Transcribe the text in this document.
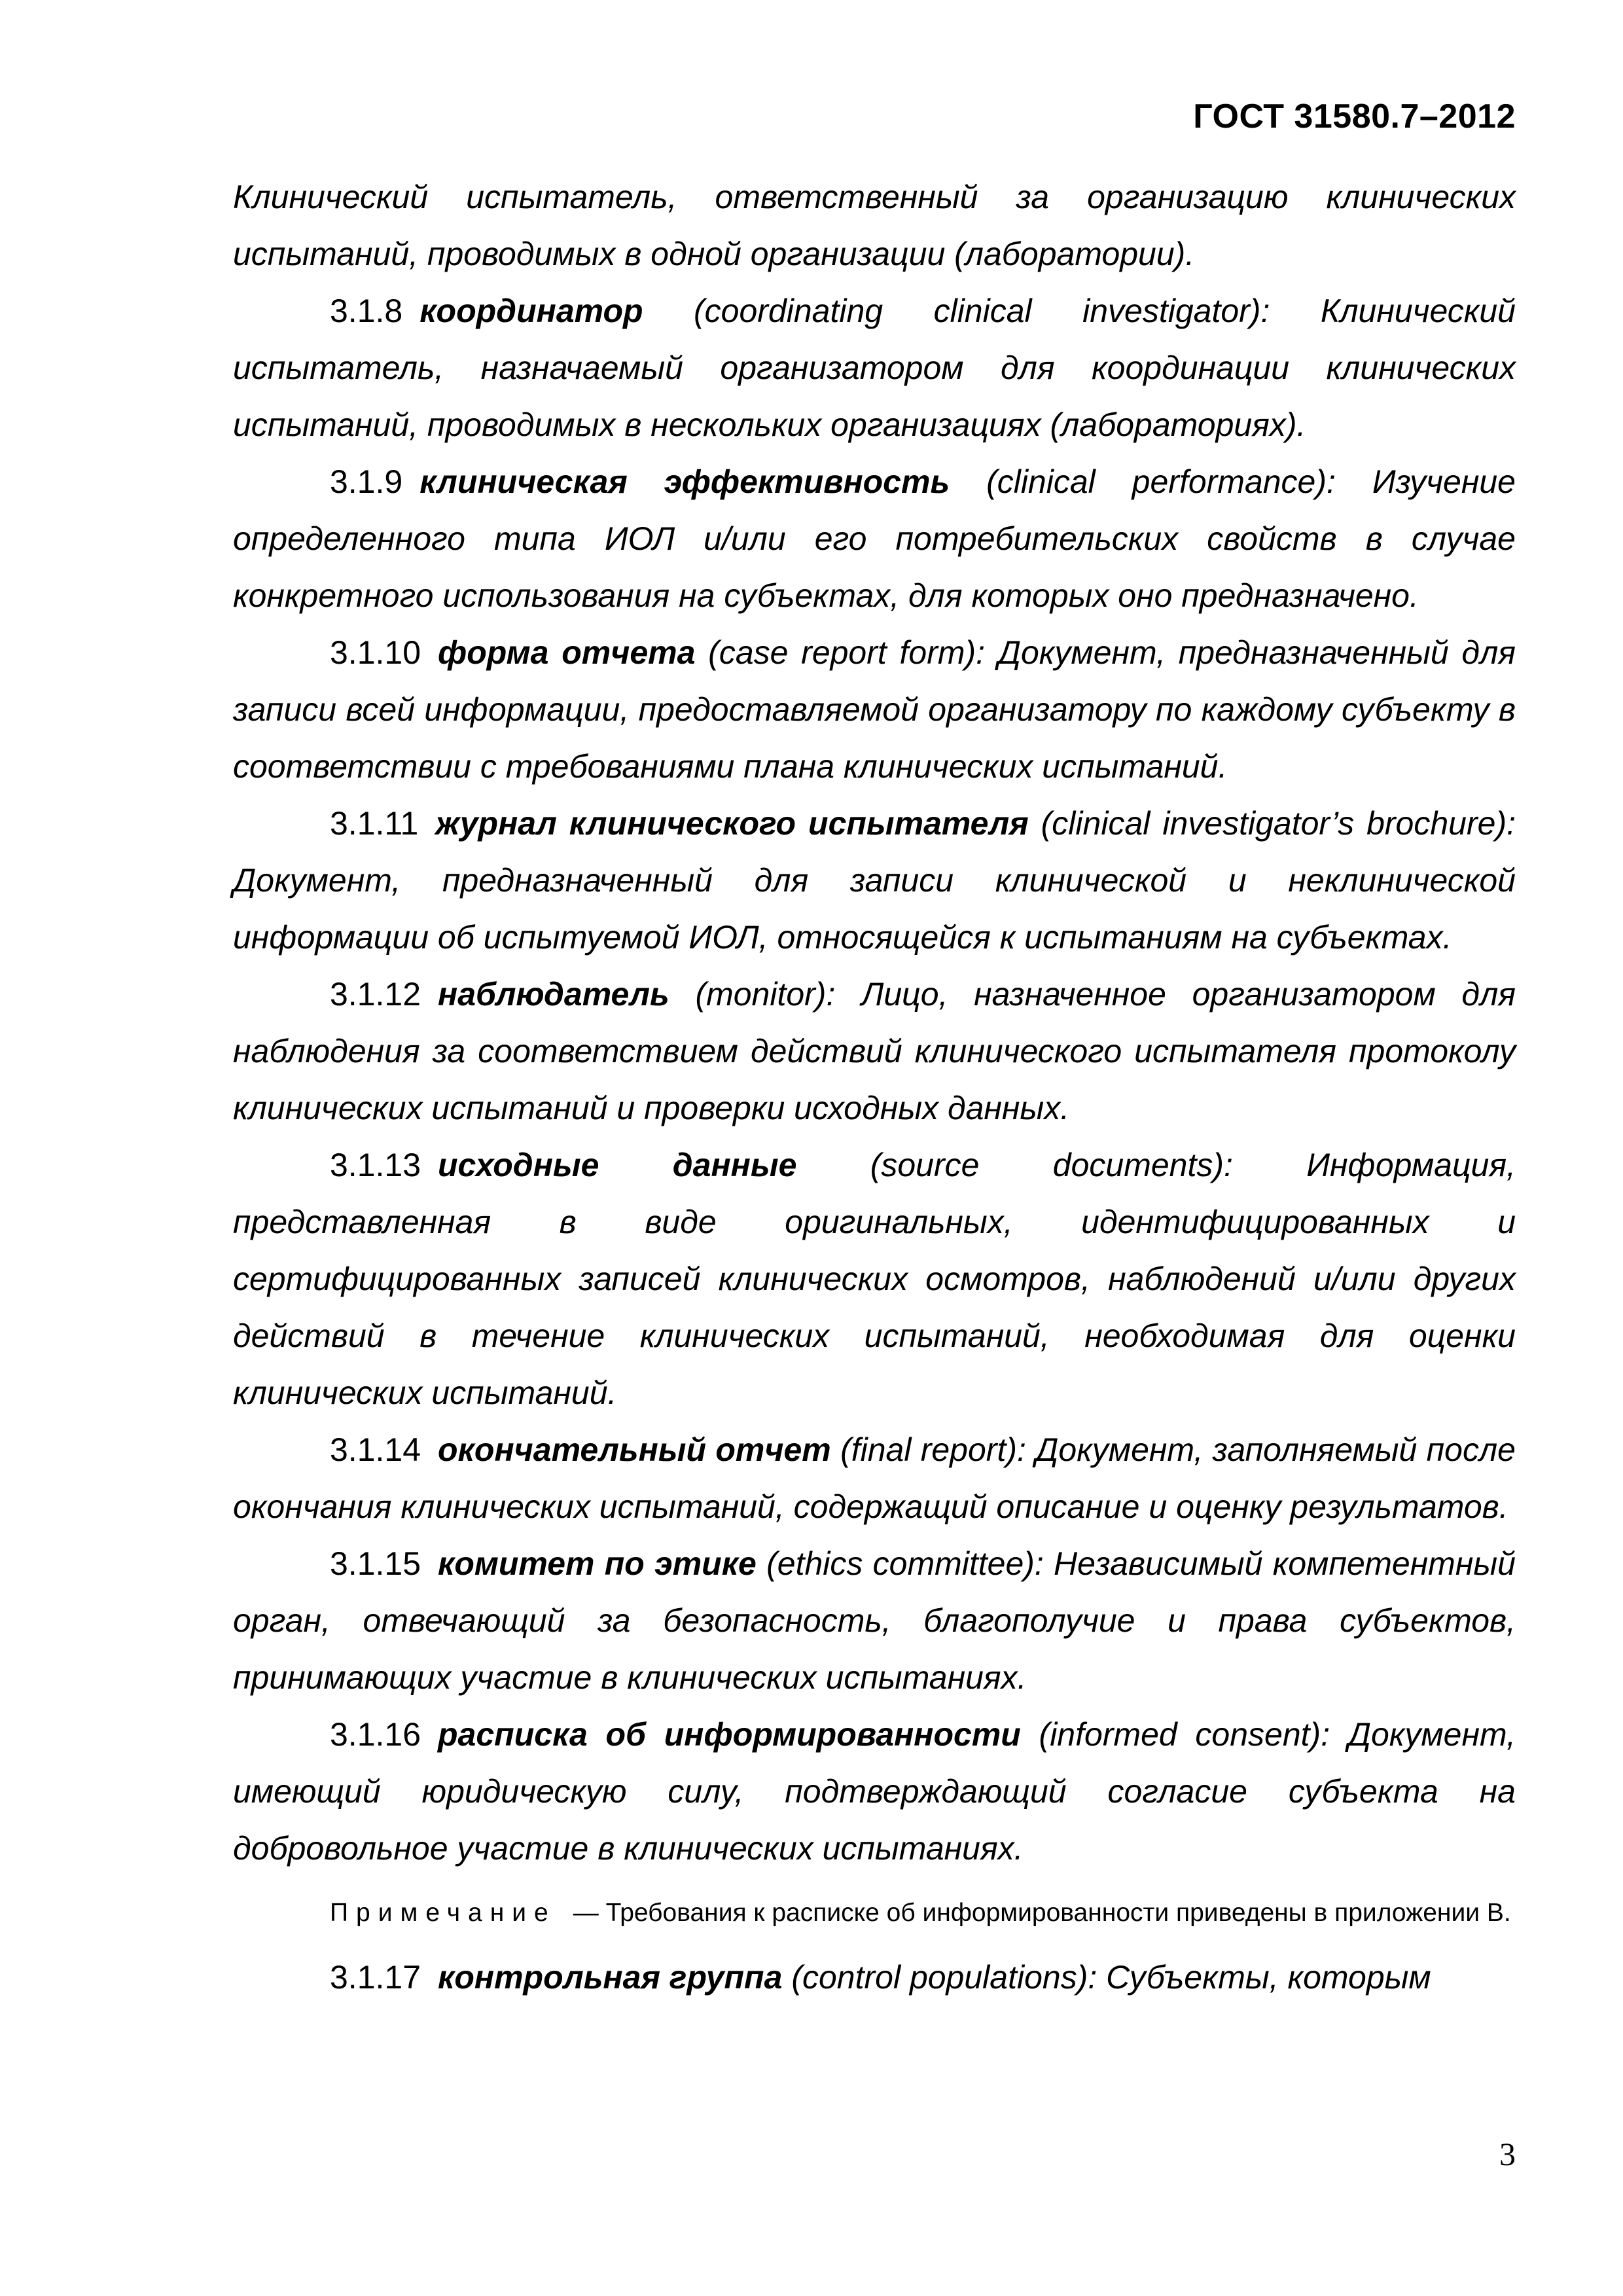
ГОСТ 31580.7–2012

Клинический испытатель, ответственный за организацию клинических испытаний, проводимых в одной организации (лаборатории).

3.1.8 координатор (coordinating clinical investigator): Клинический испытатель, назначаемый организатором для координации клинических испытаний, проводимых в нескольких организациях (лабораториях).

3.1.9 клиническая эффективность (clinical performance): Изучение определенного типа ИОЛ и/или его потребительских свойств в случае конкретного использования на субъектах, для которых оно предназначено.

3.1.10 форма отчета (case report form): Документ, предназначенный для записи всей информации, предоставляемой организатору по каждому субъекту в соответствии с требованиями плана клинических испытаний.

3.1.11 журнал клинического испытателя (clinical investigator’s brochure): Документ, предназначенный для записи клинической и неклинической информации об испытуемой ИОЛ, относящейся к испытаниям на субъектах.

3.1.12 наблюдатель (monitor): Лицо, назначенное организатором для наблюдения за соответствием действий клинического испытателя протоколу клинических испытаний и проверки исходных данных.

3.1.13 исходные данные (source documents): Информация, представленная в виде оригинальных, идентифицированных и сертифицированных записей клинических осмотров, наблюдений и/или других действий в течение клинических испытаний, необходимая для оценки клинических испытаний.

3.1.14 окончательный отчет (final report): Документ, заполняемый после окончания клинических испытаний, содержащий описание и оценку результатов.

3.1.15 комитет по этике (ethics committee): Независимый компетентный орган, отвечающий за безопасность, благополучие и права субъектов, принимающих участие в клинических испытаниях.

3.1.16 расписка об информированности (informed consent): Документ, имеющий юридическую силу, подтверждающий согласие субъекта на добровольное участие в клинических испытаниях.

Примечание — Требования к расписке об информированности приведены в приложении В.

3.1.17 контрольная группа (control populations): Субъекты, которым

3
